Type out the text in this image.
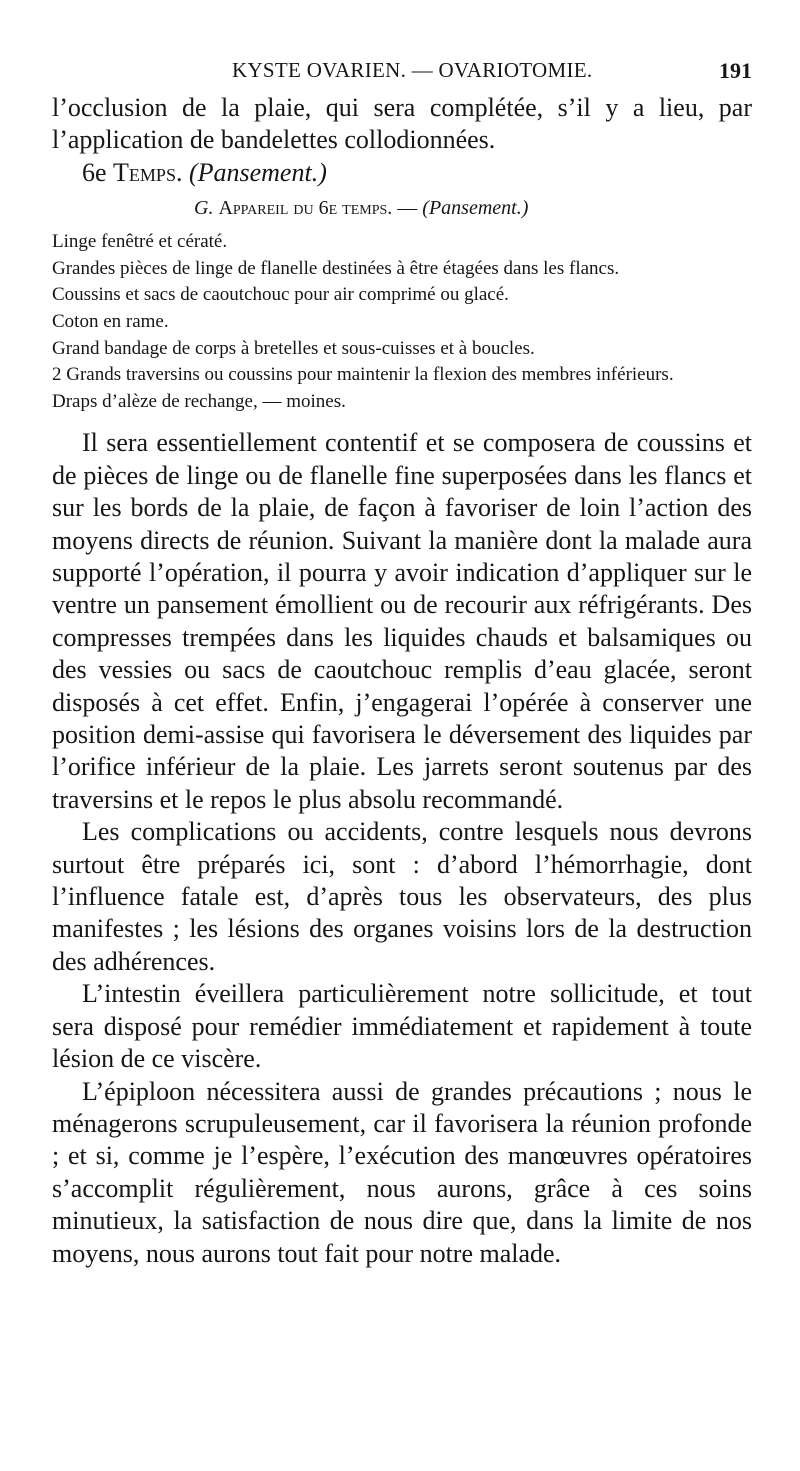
KYSTE OVARIEN. — OVARIOTOMIE.	191

l’occlusion de la plaie, qui sera complétée, s’il y a lieu, par l’application de bandelettes collodionnées.

6e Temps. (Pansement.)

G. Appareil du 6e temps. — (Pansement.)
Linge fenêtré et cératé.
Grandes pièces de linge de flanelle destinées à être étagées dans les flancs.
Coussins et sacs de caoutchouc pour air comprimé ou glacé.
Coton en rame.
Grand bandage de corps à bretelles et sous-cuisses et à boucles.
2 Grands traversins ou coussins pour maintenir la flexion des membres inférieurs.
Draps d’alèze de rechange, — moines.

Il sera essentiellement contentif et se composera de coussins et de pièces de linge ou de flanelle fine superposées dans les flancs et sur les bords de la plaie, de façon à favoriser de loin l’action des moyens directs de réunion. Suivant la manière dont la malade aura supporté l’opération, il pourra y avoir indication d’appliquer sur le ventre un pansement émollient ou de recourir aux réfrigérants. Des compresses trempées dans les liquides chauds et balsamiques ou des vessies ou sacs de caoutchouc remplis d’eau glacée, seront disposés à cet effet. Enfin, j’engagerai l’opérée à conserver une position demi-assise qui favorisera le déversement des liquides par l’orifice inférieur de la plaie. Les jarrets seront soutenus par des traversins et le repos le plus absolu recommandé.

Les complications ou accidents, contre lesquels nous devrons surtout être préparés ici, sont : d’abord l’hémorrhagie, dont l’influence fatale est, d’après tous les observateurs, des plus manifestes ; les lésions des organes voisins lors de la destruction des adhérences.

L’intestin éveillera particulièrement notre sollicitude, et tout sera disposé pour remédier immédiatement et rapidement à toute lésion de ce viscère.

L’épiploon nécessitera aussi de grandes précautions ; nous le ménagerons scrupuleusement, car il favorisera la réunion profonde ; et si, comme je l’espère, l’exécution des manœuvres opératoires s’accomplit régulièrement, nous aurons, grâce à ces soins minutieux, la satisfaction de nous dire que, dans la limite de nos moyens, nous aurons tout fait pour notre malade.
